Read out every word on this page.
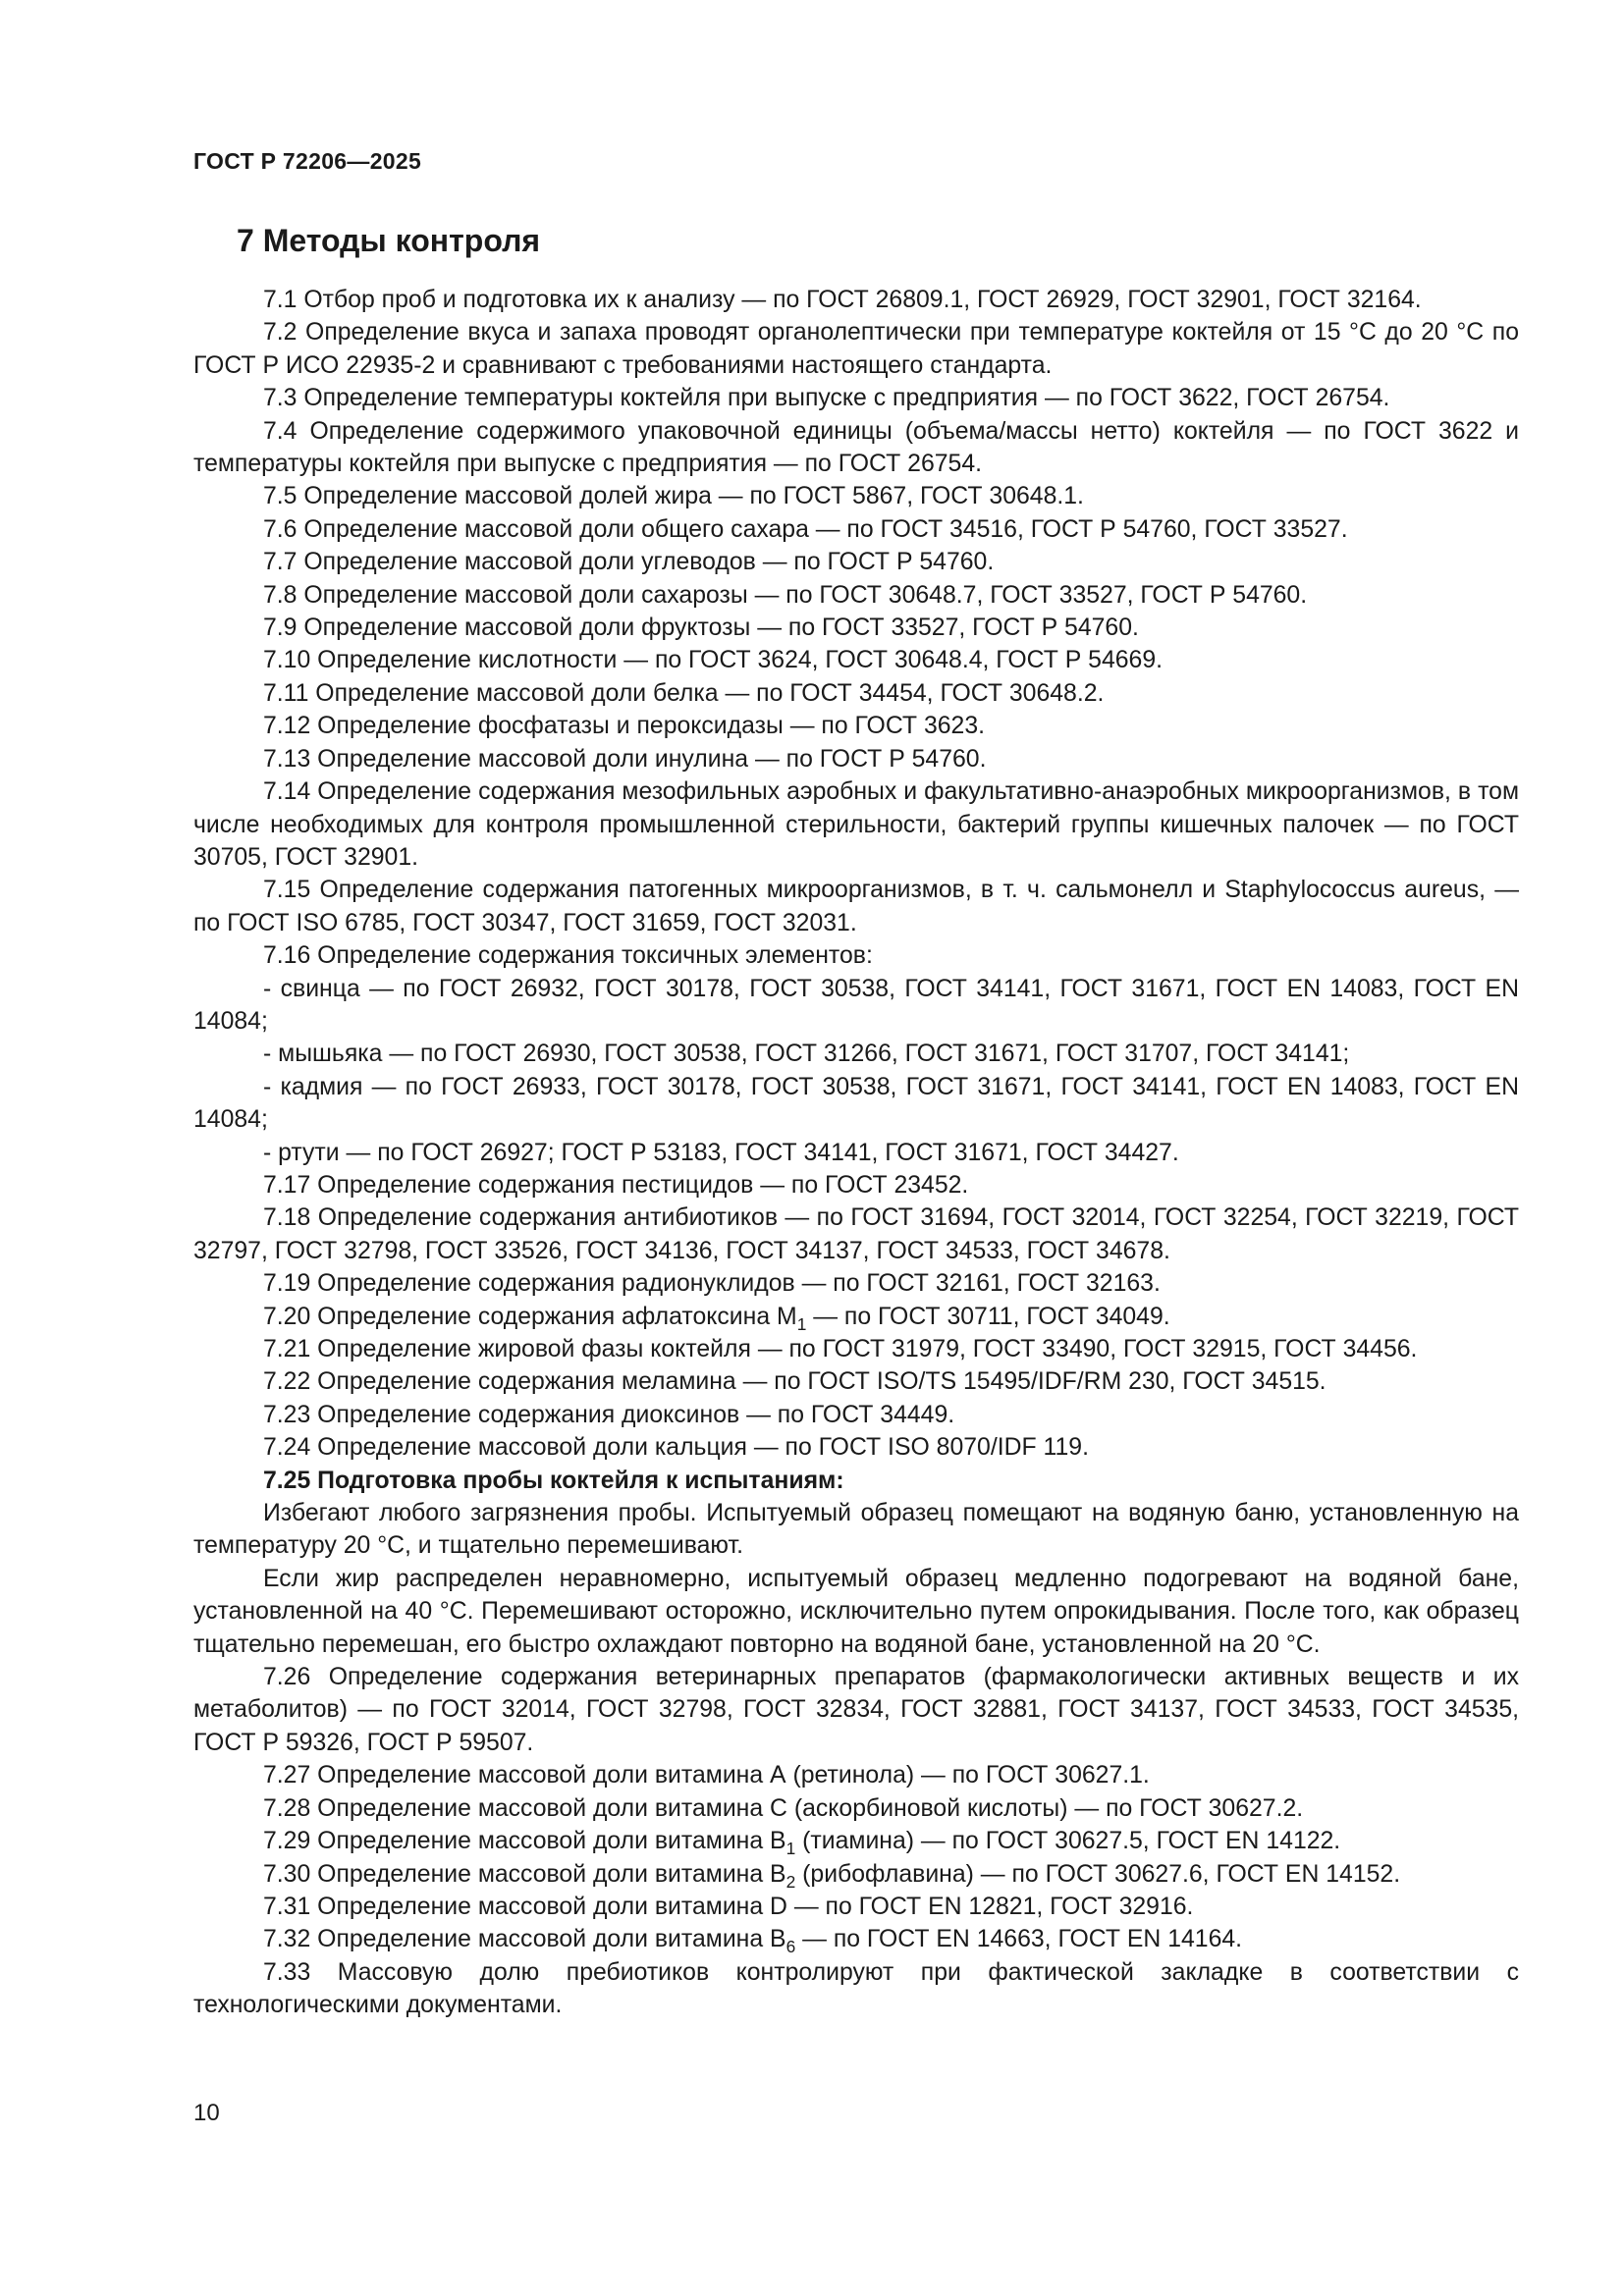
ГОСТ Р 72206—2025
7 Методы контроля

7.1 Отбор проб и подготовка их к анализу — по ГОСТ 26809.1, ГОСТ 26929, ГОСТ 32901, ГОСТ 32164.

7.2 Определение вкуса и запаха проводят органолептически при температуре коктейля от 15 °С до 20 °С по ГОСТ Р ИСО 22935-2 и сравнивают с требованиями настоящего стандарта.

7.3 Определение температуры коктейля при выпуске с предприятия — по ГОСТ 3622, ГОСТ 26754.

7.4 Определение содержимого упаковочной единицы (объема/массы нетто) коктейля — по ГОСТ 3622 и температуры коктейля при выпуске с предприятия — по ГОСТ 26754.

7.5 Определение массовой долей жира — по ГОСТ 5867, ГОСТ 30648.1.

7.6 Определение массовой доли общего сахара — по ГОСТ 34516, ГОСТ Р 54760, ГОСТ 33527.

7.7 Определение массовой доли углеводов — по ГОСТ Р 54760.

7.8 Определение массовой доли сахарозы — по ГОСТ 30648.7, ГОСТ 33527, ГОСТ Р 54760.

7.9 Определение массовой доли фруктозы — по ГОСТ 33527, ГОСТ Р 54760.

7.10 Определение кислотности — по ГОСТ 3624, ГОСТ 30648.4, ГОСТ Р 54669.

7.11 Определение массовой доли белка — по ГОСТ 34454, ГОСТ 30648.2.

7.12 Определение фосфатазы и пероксидазы — по ГОСТ 3623.

7.13 Определение массовой доли инулина — по ГОСТ Р 54760.

7.14 Определение содержания мезофильных аэробных и факультативно-анаэробных микроорганизмов, в том числе необходимых для контроля промышленной стерильности, бактерий группы кишечных палочек — по ГОСТ 30705, ГОСТ 32901.

7.15 Определение содержания патогенных микроорганизмов, в т. ч. сальмонелл и Staphylococcus aureus, — по ГОСТ ISO 6785, ГОСТ 30347, ГОСТ 31659, ГОСТ 32031.

7.16 Определение содержания токсичных элементов:

- свинца — по ГОСТ 26932, ГОСТ 30178, ГОСТ 30538, ГОСТ 34141, ГОСТ 31671, ГОСТ EN 14083, ГОСТ EN 14084;

- мышьяка — по ГОСТ 26930, ГОСТ 30538, ГОСТ 31266, ГОСТ 31671, ГОСТ 31707, ГОСТ 34141;

- кадмия — по ГОСТ 26933, ГОСТ 30178, ГОСТ 30538, ГОСТ 31671, ГОСТ 34141, ГОСТ EN 14083, ГОСТ EN 14084;

- ртути — по ГОСТ 26927; ГОСТ Р 53183, ГОСТ 34141, ГОСТ 31671, ГОСТ 34427.

7.17 Определение содержания пестицидов — по ГОСТ 23452.

7.18 Определение содержания антибиотиков — по ГОСТ 31694, ГОСТ 32014, ГОСТ 32254, ГОСТ 32219, ГОСТ 32797, ГОСТ 32798, ГОСТ 33526, ГОСТ 34136, ГОСТ 34137, ГОСТ 34533, ГОСТ 34678.

7.19 Определение содержания радионуклидов — по ГОСТ 32161, ГОСТ 32163.

7.20 Определение содержания афлатоксина $M_1$ — по ГОСТ 30711, ГОСТ 34049.

7.21 Определение жировой фазы коктейля — по ГОСТ 31979, ГОСТ 33490, ГОСТ 32915, ГОСТ 34456.

7.22 Определение содержания меламина — по ГОСТ ISO/TS 15495/IDF/RM 230, ГОСТ 34515.

7.23 Определение содержания диоксинов — по ГОСТ 34449.

7.24 Определение массовой доли кальция — по ГОСТ ISO 8070/IDF 119.

7.25 Подготовка пробы коктейля к испытаниям:

Избегают любого загрязнения пробы. Испытуемый образец помещают на водяную баню, установленную на температуру 20 °С, и тщательно перемешивают.

Если жир распределен неравномерно, испытуемый образец медленно подогревают на водяной бане, установленной на 40 °С. Перемешивают осторожно, исключительно путем опрокидывания. После того, как образец тщательно перемешан, его быстро охлаждают повторно на водяной бане, установленной на 20 °С.

7.26 Определение содержания ветеринарных препаратов (фармакологически активных веществ и их метаболитов) — по ГОСТ 32014, ГОСТ 32798, ГОСТ 32834, ГОСТ 32881, ГОСТ 34137, ГОСТ 34533, ГОСТ 34535, ГОСТ Р 59326, ГОСТ Р 59507.

7.27 Определение массовой доли витамина А (ретинола) — по ГОСТ 30627.1.

7.28 Определение массовой доли витамина С (аскорбиновой кислоты) — по ГОСТ 30627.2.

7.29 Определение массовой доли витамина $В_1$ (тиамина) — по ГОСТ 30627.5, ГОСТ EN 14122.

7.30 Определение массовой доли витамина $В_2$ (рибофлавина) — по ГОСТ 30627.6, ГОСТ EN 14152.

7.31 Определение массовой доли витамина D — по ГОСТ EN 12821, ГОСТ 32916.

7.32 Определение массовой доли витамина $В_6$ — по ГОСТ EN 14663, ГОСТ EN 14164.

7.33 Массовую долю пребиотиков контролируют при фактической закладке в соответствии с технологическими документами.

10
